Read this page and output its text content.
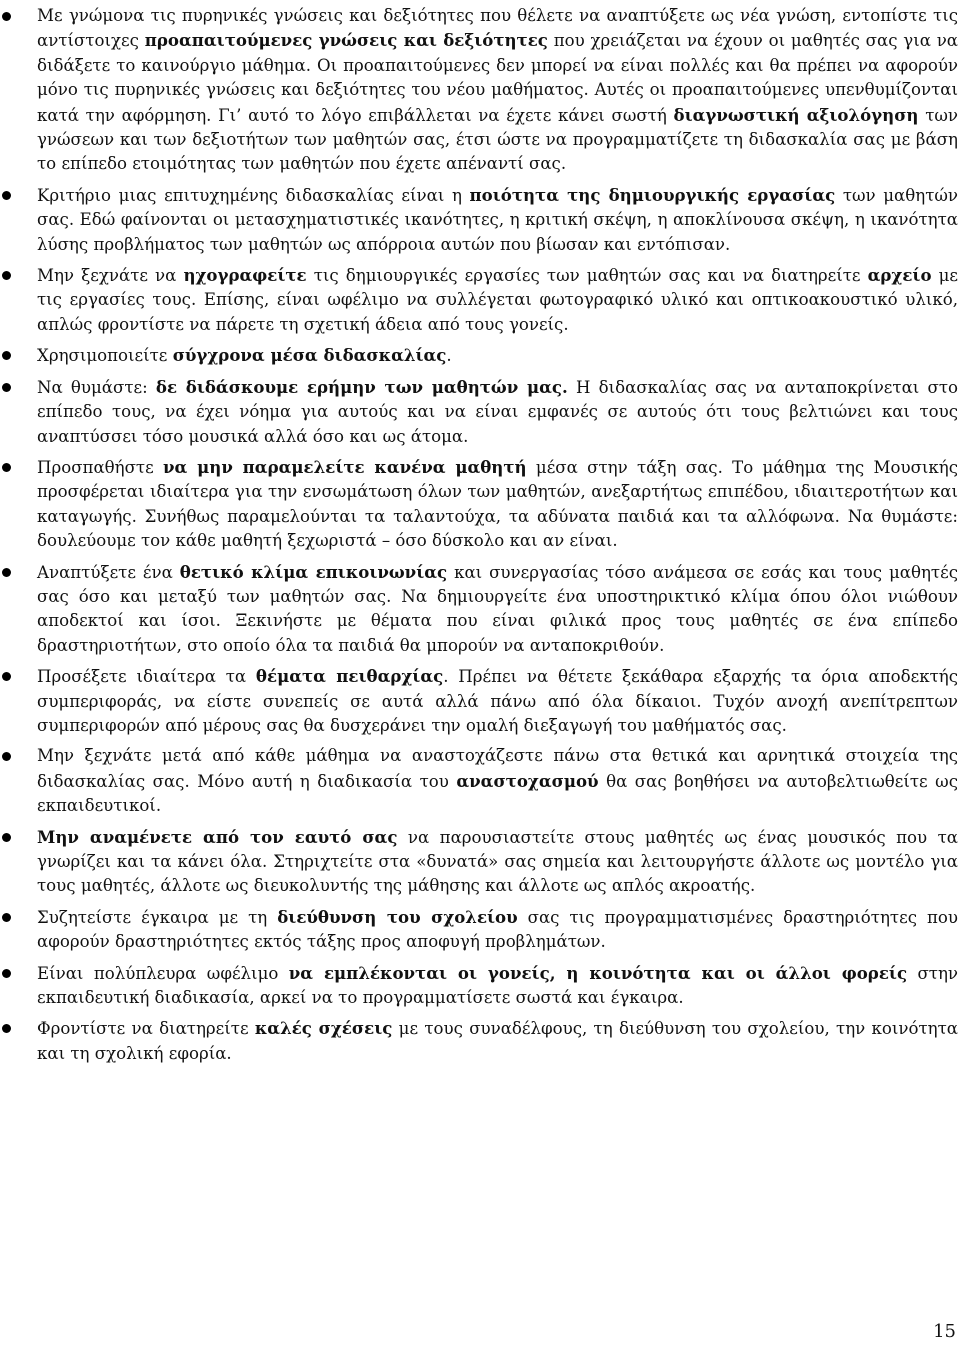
Με γνώμονα τις πυρηνικές γνώσεις και δεξιότητες που θέλετε να αναπτύξετε ως νέα γνώση, εντοπίστε τις αντίστοιχες προαπαιτούμενες γνώσεις και δεξιότητες που χρειάζεται να έχουν οι μαθητές σας για να διδάξετε το καινούργιο μάθημα. Οι προαπαιτούμενες δεν μπορεί να είναι πολλές και θα πρέπει να αφορούν μόνο τις πυρηνικές γνώσεις και δεξιότητες του νέου μαθήματος. Αυτές οι προαπαιτούμενες υπενθυμίζονται κατά την αφόρμηση. Γι’ αυτό το λόγο επιβάλλεται να έχετε κάνει σωστή διαγνωστική αξιολόγηση των γνώσεων και των δεξιοτήτων των μαθητών σας, έτσι ώστε να προγραμματίζετε τη διδασκαλία σας με βάση το επίπεδο ετοιμότητας των μαθητών που έχετε απέναντί σας.
Κριτήριο μιας επιτυχημένης διδασκαλίας είναι η ποιότητα της δημιουργικής εργασίας των μαθητών σας. Εδώ φαίνονται οι μετασχηματιστικές ικανότητες, η κριτική σκέψη, η αποκλίνουσα σκέψη, η ικανότητα λύσης προβλήματος των μαθητών ως απόρροια αυτών που βίωσαν και εντόπισαν.
Μην ξεχνάτε να ηχογραφείτε τις δημιουργικές εργασίες των μαθητών σας και να διατηρείτε αρχείο με τις εργασίες τους. Επίσης, είναι ωφέλιμο να συλλέγεται φωτογραφικό υλικό και οπτικοακουστικό υλικό, απλώς φροντίστε να πάρετε τη σχετική άδεια από τους γονείς.
Χρησιμοποιείτε σύγχρονα μέσα διδασκαλίας.
Να θυμάστε: δε διδάσκουμε ερήμην των μαθητών μας. Η διδασκαλίας σας να ανταποκρίνεται στο επίπεδο τους, να έχει νόημα για αυτούς και να είναι εμφανές σε αυτούς ότι τους βελτιώνει και τους αναπτύσσει τόσο μουσικά αλλά όσο και ως άτομα.
Προσπαθήστε να μην παραμελείτε κανένα μαθητή μέσα στην τάξη σας. Το μάθημα της Μουσικής προσφέρεται ιδιαίτερα για την ενσωμάτωση όλων των μαθητών, ανεξαρτήτως επιπέδου, ιδιαιτεροτήτων και καταγωγής. Συνήθως παραμελούνται τα ταλαντούχα, τα αδύνατα παιδιά και τα αλλόφωνα. Να θυμάστε: δουλεύουμε τον κάθε μαθητή ξεχωριστά – όσο δύσκολο και αν είναι.
Αναπτύξετε ένα θετικό κλίμα επικοινωνίας και συνεργασίας τόσο ανάμεσα σε εσάς και τους μαθητές σας όσο και μεταξύ των μαθητών σας. Να δημιουργείτε ένα υποστηρικτικό κλίμα όπου όλοι νιώθουν αποδεκτοί και ίσοι. Ξεκινήστε με θέματα που είναι φιλικά προς τους μαθητές σε ένα επίπεδο δραστηριοτήτων, στο οποίο όλα τα παιδιά θα μπορούν να ανταποκριθούν.
Προσέξετε ιδιαίτερα τα θέματα πειθαρχίας. Πρέπει να θέτετε ξεκάθαρα εξαρχής τα όρια αποδεκτής συμπεριφοράς, να είστε συνεπείς σε αυτά αλλά πάνω από όλα δίκαιοι. Τυχόν ανοχή ανεπίτρεπτων συμπεριφορών από μέρους σας θα δυσχεράνει την ομαλή διεξαγωγή του μαθήματός σας.
Μην ξεχνάτε μετά από κάθε μάθημα να αναστοχάζεστε πάνω στα θετικά και αρνητικά στοιχεία της διδασκαλίας σας. Μόνο αυτή η διαδικασία του αναστοχασμού θα σας βοηθήσει να αυτοβελτιωθείτε ως εκπαιδευτικοί.
Μην αναμένετε από τον εαυτό σας να παρουσιαστείτε στους μαθητές ως ένας μουσικός που τα γνωρίζει και τα κάνει όλα. Στηριχτείτε στα «δυνατά» σας σημεία και λειτουργήστε άλλοτε ως μοντέλο για τους μαθητές, άλλοτε ως διευκολυντής της μάθησης και άλλοτε ως απλός ακροατής.
Συζητείστε έγκαιρα με τη διεύθυνση του σχολείου σας τις προγραμματισμένες δραστηριότητες που αφορούν δραστηριότητες εκτός τάξης προς αποφυγή προβλημάτων.
Είναι πολύπλευρα ωφέλιμο να εμπλέκονται οι γονείς, η κοινότητα και οι άλλοι φορείς στην εκπαιδευτική διαδικασία, αρκεί να το προγραμματίσετε σωστά και έγκαιρα.
Φροντίστε να διατηρείτε καλές σχέσεις με τους συναδέλφους, τη διεύθυνση του σχολείου, την κοινότητα και τη σχολική εφορία.
15
